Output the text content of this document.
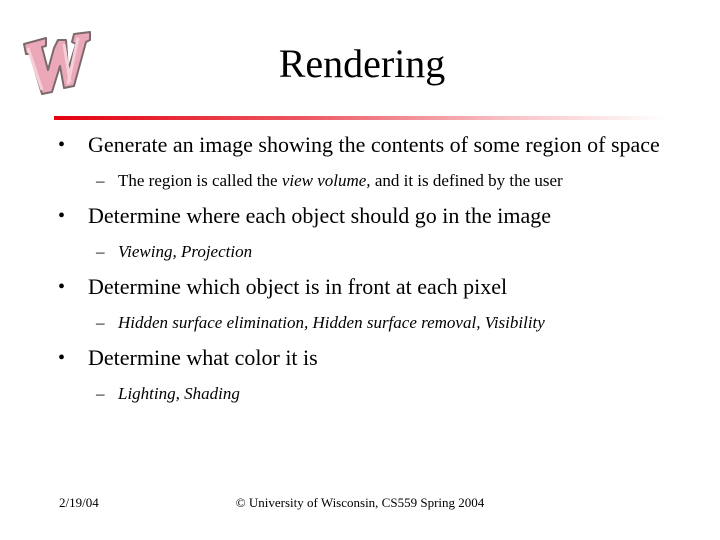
Rendering
• Generate an image showing the contents of some region of space
– The region is called the view volume, and it is defined by the user
• Determine where each object should go in the image
– Viewing, Projection
• Determine which object is in front at each pixel
– Hidden surface elimination, Hidden surface removal, Visibility
• Determine what color it is
– Lighting, Shading
2/19/04	© University of Wisconsin, CS559 Spring 2004
